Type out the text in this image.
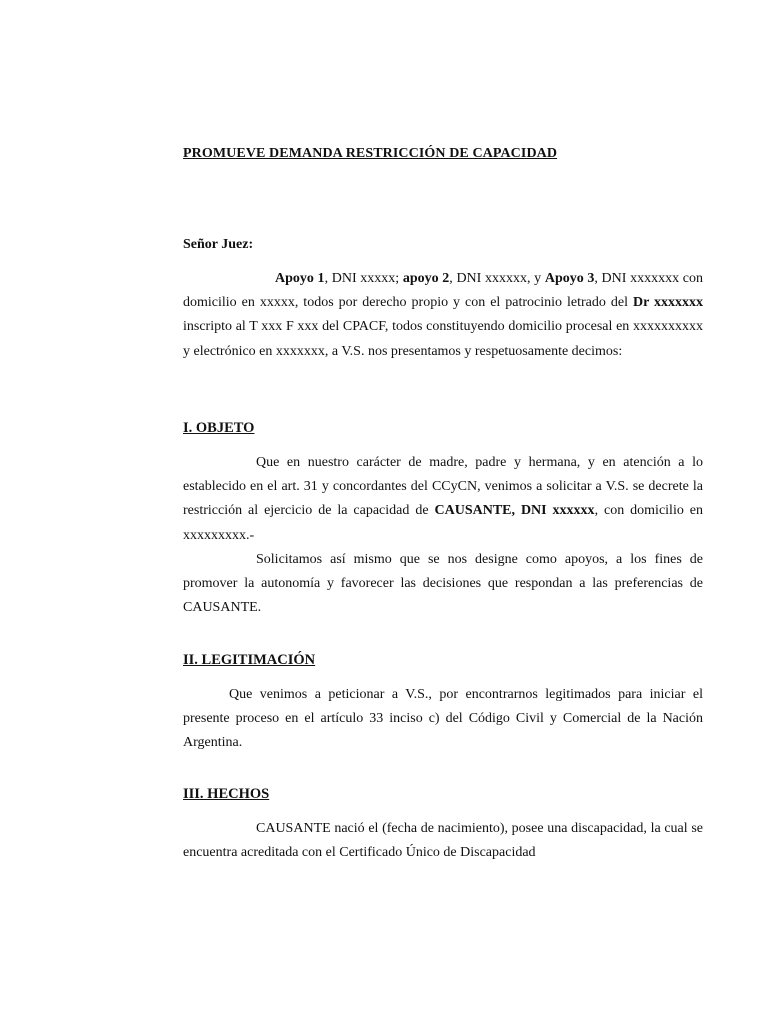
PROMUEVE DEMANDA RESTRICCIÓN DE CAPACIDAD
Señor Juez:

Apoyo 1, DNI xxxxx; apoyo 2, DNI xxxxxx, y Apoyo 3, DNI xxxxxxx con domicilio en xxxxx, todos por derecho propio y con el patrocinio letrado del Dr xxxxxxx inscripto al T xxx F xxx del CPACF, todos constituyendo domicilio procesal en xxxxxxxxxx y electrónico en xxxxxxx, a V.S. nos presentamos y respetuosamente decimos:

I. OBJETO

Que en nuestro carácter de madre, padre y hermana, y en atención a lo establecido en el art. 31 y concordantes del CCyCN, venimos a solicitar a V.S. se decrete la restricción al ejercicio de la capacidad de CAUSANTE, DNI xxxxxx, con domicilio en xxxxxxxxx.-

Solicitamos así mismo que se nos designe como apoyos, a los fines de promover la autonomía y favorecer las decisiones que respondan a las preferencias de CAUSANTE.

II. LEGITIMACIÓN

Que venimos a peticionar a V.S., por encontrarnos legitimados para iniciar el presente proceso en el artículo 33 inciso c) del Código Civil y Comercial de la Nación Argentina.

III. HECHOS

CAUSANTE nació el (fecha de nacimiento), posee una discapacidad, la cual se encuentra acreditada con el Certificado Único de Discapacidad
